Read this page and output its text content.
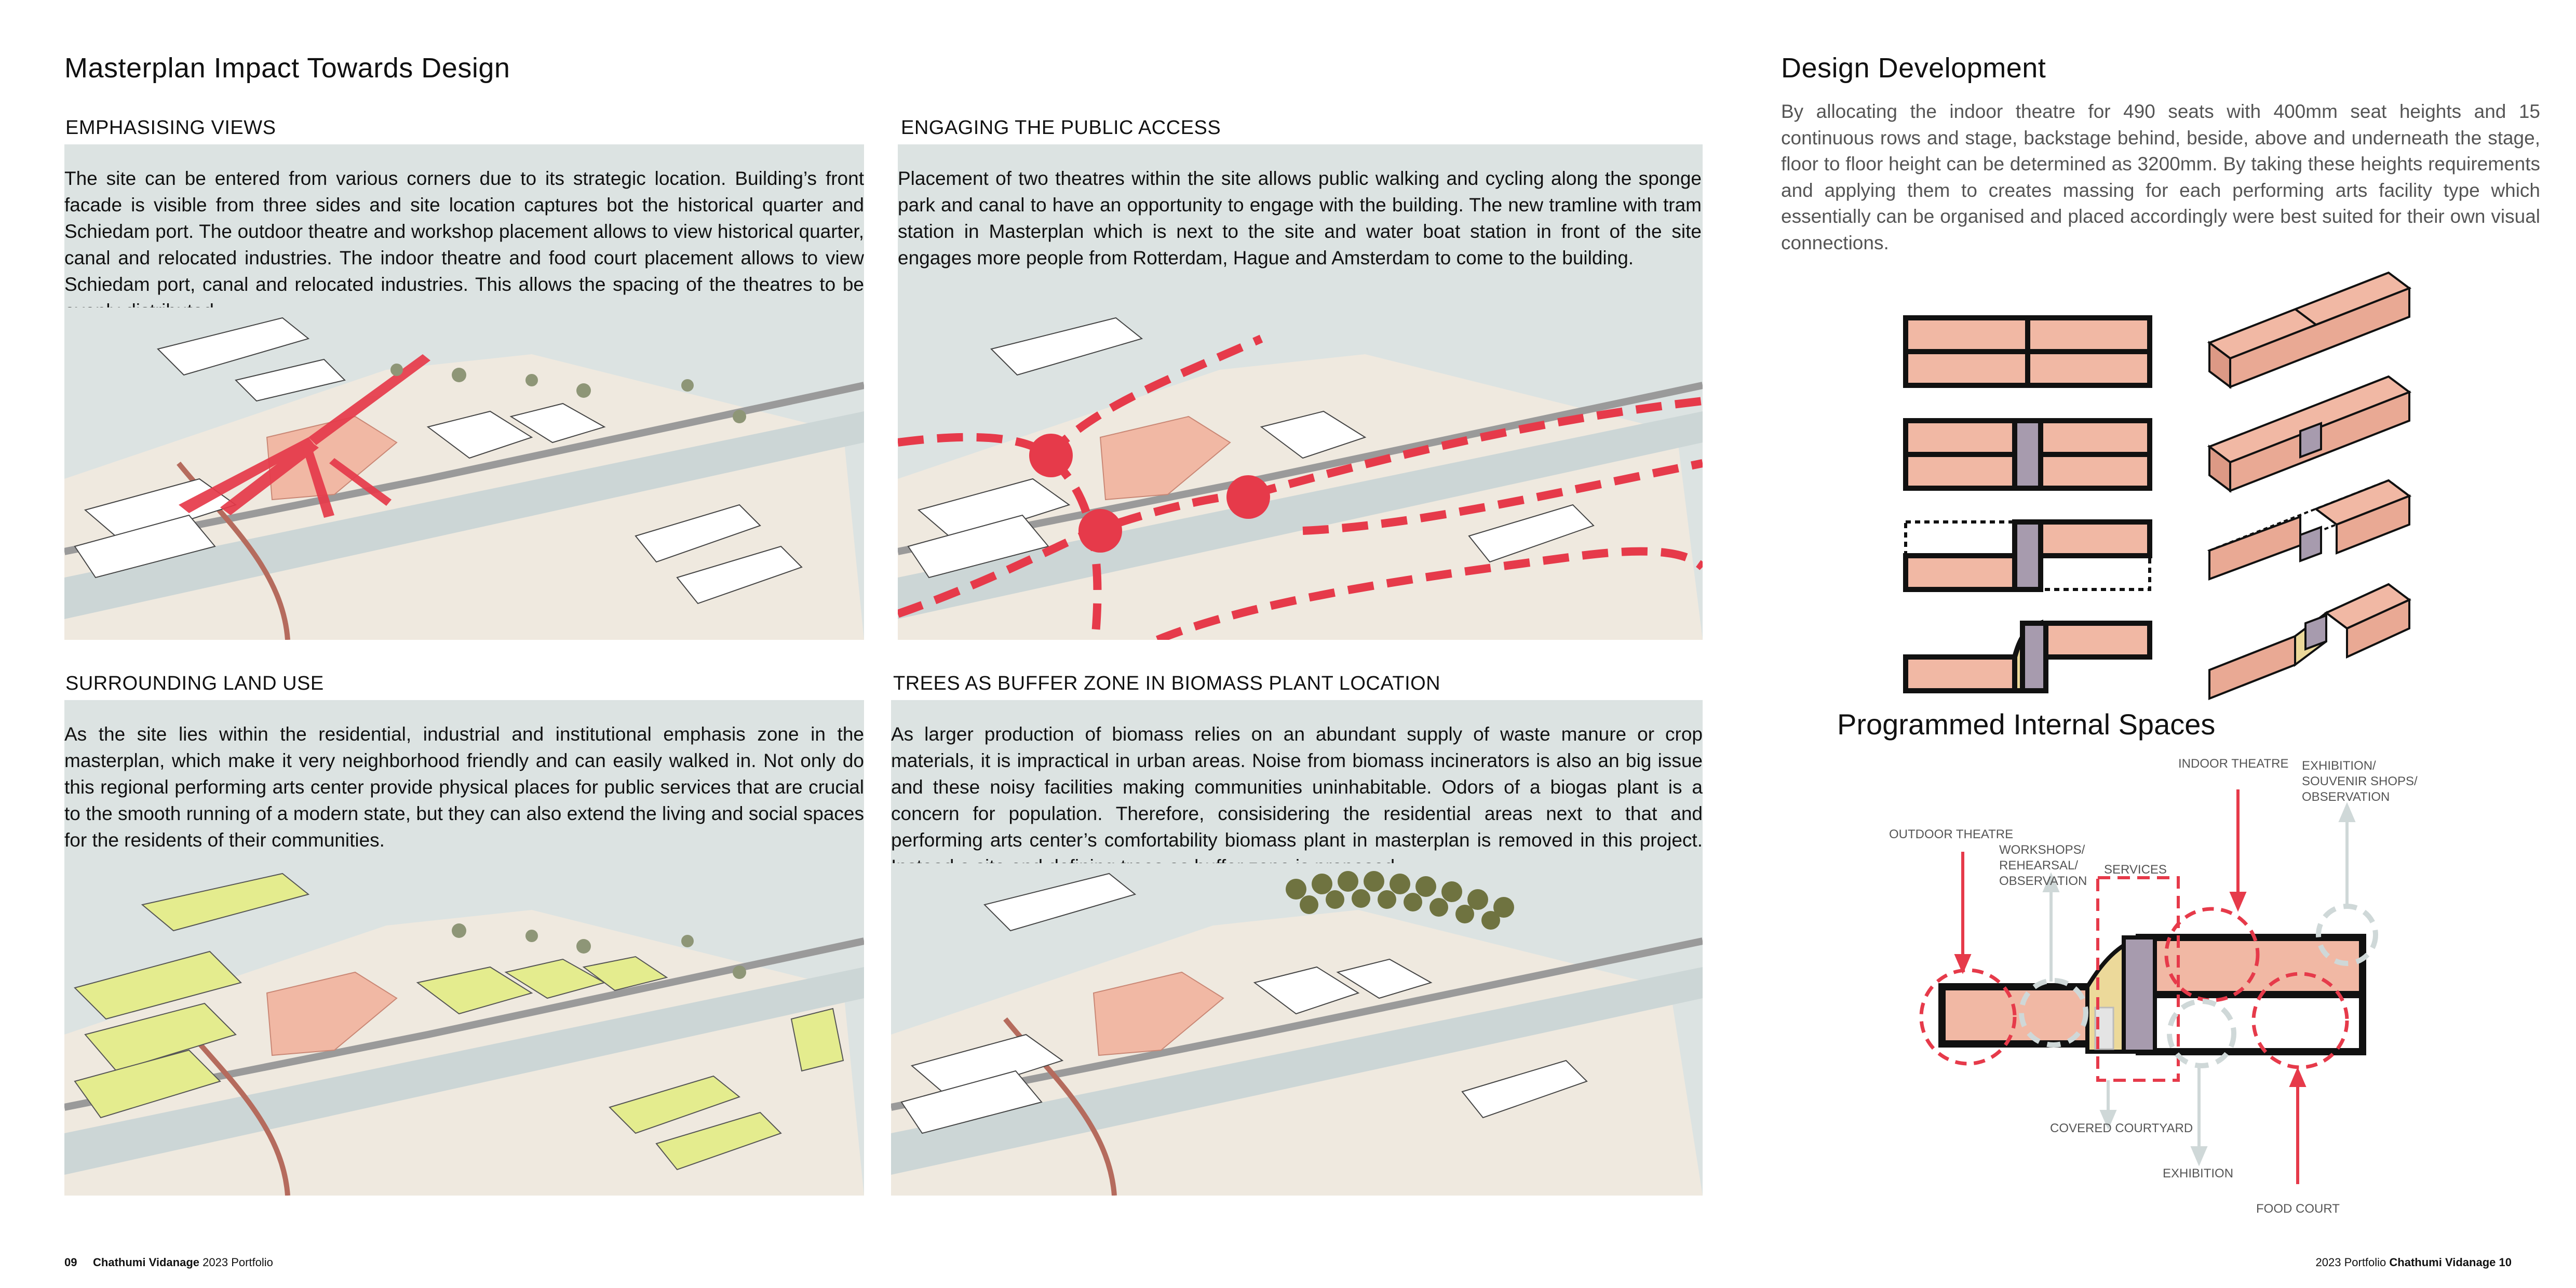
Masterplan Impact Towards Design
EMPHASISING VIEWS

The site can be entered from various corners due to its strategic location. Building’s front facade is visible from three sides and site location captures bot the historical quarter and Schiedam port. The outdoor theatre and workshop placement allows to view historical quarter, canal and relocated industries. The indoor theatre and food court placement allows to view Schiedam port, canal and relocated industries. This allows the spacing of the theatres to be

ENGAGING THE PUBLIC ACCESS

Placement of two theatres within the site allows public walking and cycling along the sponge park and canal to have an opportunity to engage with the building. The new tramline with tram station in Masterplan which is next to the site and water boat station in front of the site engages more people from Rotterdam, Hague and Amsterdam to come to the building.

SURROUNDING LAND USE

As the site lies within the residential, industrial and institutional emphasis zone in the masterplan, which make it very neighborhood friendly and can easily walked in. Not only do this regional performing arts center provide physical places for public services that are crucial to the smooth running of a modern state, but they can also extend the living and social spaces for the residents of their communities.

TREES AS BUFFER ZONE IN BIOMASS PLANT LOCATION

As larger production of biomass relies on an abundant supply of waste manure or crop materials, it is impractical in urban areas. Noise from biomass incinerators is also an big issue and these noisy facilities making communities uninhabitable. Odors of a biogas plant is a concern for population. Therefore, consisidering the residential areas next to that and performing arts center’s comfortability biomass plant in masterplan is removed in this project.

Design Development
By allocating the indoor theatre for 490 seats with 400mm seat heights and 15 continuous rows and stage, backstage behind, beside, above and underneath the stage, floor to floor height can be determined as 3200mm. By taking these heights requirements and applying them to creates massing for each performing arts facility type which essentially can be organised and placed accordingly were best suited for their own visual connections.
Programmed Internal Spaces
INDOOR THEATRE EXHIBITION/
SOUVENIR SHOPS/
OBSERVATION
OUTDOOR THEATRE
WORKSHOPS/
REHEARSAL/
OBSERVATION
SERVICES
COVERED COURTYARD
EXHIBITION
FOOD COURT
09 Chathumi Vidanage 2023 Portfolio	2023 Portfolio Chathumi Vidanage 10
